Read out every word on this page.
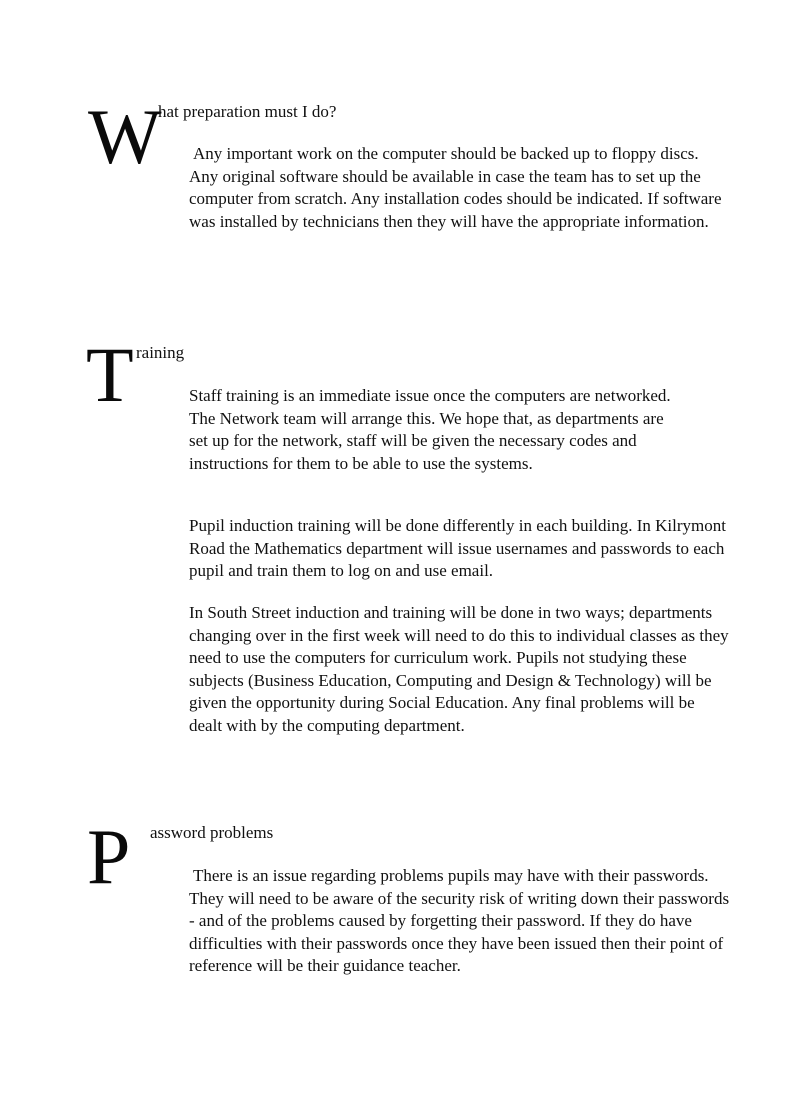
W
hat preparation must I do?

Any important work on the computer should be backed up to floppy discs. Any original software should be available in case the team has to set up the computer from scratch. Any installation codes should be indicated. If software was installed by technicians then they will have the appropriate information.

T raining

Staff training is an immediate issue once the computers are networked. The Network team will arrange this. We hope that, as departments are set up for the network, staff will be given the necessary codes and instructions for them to be able to use the systems.

Pupil induction training will be done differently in each building. In Kilrymont Road the Mathematics department will issue usernames and passwords to each pupil and train them to log on and use email.

In South Street induction and training will be done in two ways; departments changing over in the first week will need to do this to individual classes as they need to use the computers for curriculum work. Pupils not studying these subjects (Business Education, Computing and Design & Technology) will be given the opportunity during Social Education. Any final problems will be dealt with by the computing department.

P assword problems

There is an issue regarding problems pupils may have with their passwords. They will need to be aware of the security risk of writing down their passwords - and of the problems caused by forgetting their password. If they do have difficulties with their passwords once they have been issued then their point of reference will be their guidance teacher.
